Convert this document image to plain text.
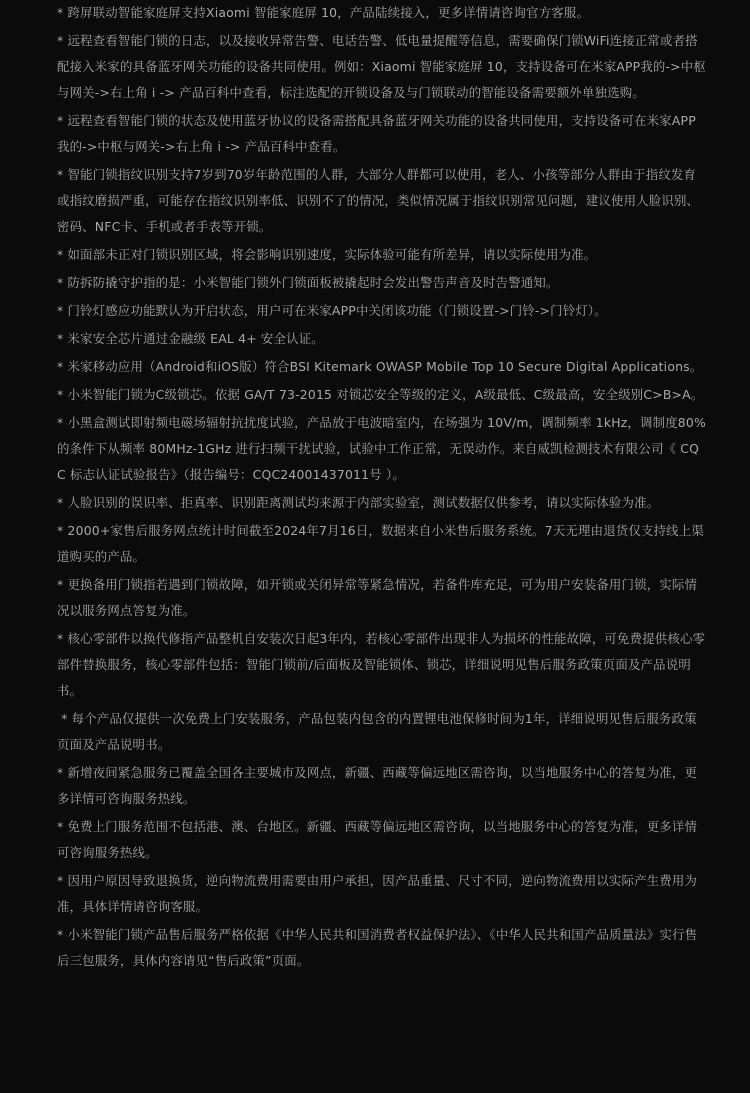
* 跨屏联动智能家庭屏支持Xiaomi 智能家庭屏 10，产品陆续接入，更多详情请咨询官方客服。
* 远程查看智能门锁的日志，以及接收异常告警、电话告警、低电量提醒等信息，需要确保门锁WiFi连接正常或者搭配接入米家的具备蓝牙网关功能的设备共同使用。例如：Xiaomi 智能家庭屏 10，支持设备可在米家APP我的->中枢与网关->右上角 i -> 产品百科中查看，标注选配的开锁设备及与门锁联动的智能设备需要额外单独选购。
* 远程查看智能门锁的状态及使用蓝牙协议的设备需搭配具备蓝牙网关功能的设备共同使用，支持设备可在米家APP我的->中枢与网关->右上角 i -> 产品百科中查看。
* 智能门锁指纹识别支持7岁到70岁年龄范围的人群，大部分人群都可以使用，老人、小孩等部分人群由于指纹发育或指纹磨损严重，可能存在指纹识别率低、识别不了的情况，类似情况属于指纹识别常见问题，建议使用人脸识别、密码、NFC卡、手机或者手表等开锁。
* 如面部未正对门锁识别区域，将会影响识别速度，实际体验可能有所差异，请以实际使用为准。
* 防拆防撬守护指的是：小米智能门锁外门锁面板被撬起时会发出警告声音及时告警通知。
* 门铃灯感应功能默认为开启状态，用户可在米家APP中关闭该功能（门锁设置->门铃->门铃灯）。
* 米家安全芯片通过金融级 EAL 4+ 安全认证。
* 米家移动应用（Android和iOS版）符合BSI Kitemark OWASP Mobile Top 10 Secure Digital Applications。
* 小米智能门锁为C级锁芯。依据 GA/T 73-2015 对锁芯安全等级的定义，A级最低、C级最高，安全级别C>B>A。
* 小黑盒测试即射频电磁场辐射抗扰度试验，产品放于电波暗室内，在场强为 10V/m，调制频率 1kHz，调制度80% 的条件下从频率 80MHz-1GHz 进行扫频干扰试验，试验中工作正常，无误动作。来自威凯检测技术有限公司《 CQC 标志认证试验报告》（报告编号：CQC24001437011号 ）。
* 人脸识别的误识率、拒真率、识别距离测试均来源于内部实验室，测试数据仅供参考，请以实际体验为准。
* 2000+家售后服务网点统计时间截至2024年7月16日，数据来自小米售后服务系统。7天无理由退货仅支持线上渠道购买的产品。
* 更换备用门锁指若遇到门锁故障，如开锁或关闭异常等紧急情况，若备件库充足，可为用户安装备用门锁，实际情况以服务网点答复为准。
* 核心零部件以换代修指产品整机自安装次日起3年内，若核心零部件出现非人为损坏的性能故障，可免费提供核心零部件替换服务，核心零部件包括：智能门锁前/后面板及智能锁体、锁芯，详细说明见售后服务政策页面及产品说明书。
* 每个产品仅提供一次免费上门安装服务，产品包装内包含的内置锂电池保修时间为1年，详细说明见售后服务政策页面及产品说明书。
* 新增夜间紧急服务已覆盖全国各主要城市及网点，新疆、西藏等偏远地区需咨询，以当地服务中心的答复为准，更多详情可咨询服务热线。
* 免费上门服务范围不包括港、澳、台地区。新疆、西藏等偏远地区需咨询，以当地服务中心的答复为准，更多详情可咨询服务热线。
* 因用户原因导致退换货，逆向物流费用需要由用户承担，因产品重量、尺寸不同，逆向物流费用以实际产生费用为准，具体详情请咨询客服。
* 小米智能门锁产品售后服务严格依据《中华人民共和国消费者权益保护法》、《中华人民共和国产品质量法》实行售后三包服务，具体内容请见“售后政策”页面。
